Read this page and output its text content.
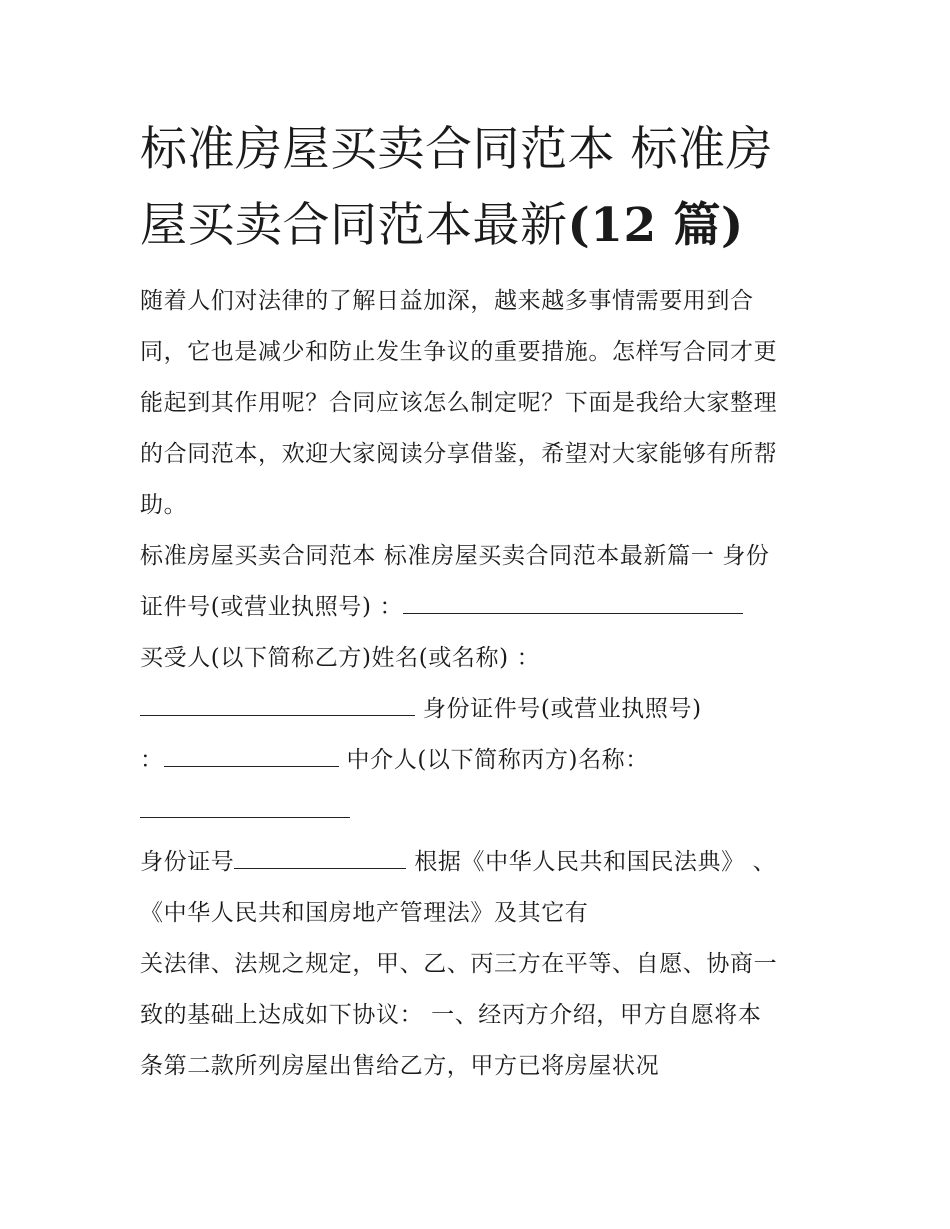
标准房屋买卖合同范本 标准房
屋买卖合同范本最新(12 篇)
随着人们对法律的了解日益加深，越来越多事情需要用到合
同，它也是减少和防止发生争议的重要措施。怎样写合同才更
能起到其作用呢？合同应该怎么制定呢？下面是我给大家整理
的合同范本，欢迎大家阅读分享借鉴，希望对大家能够有所帮
助。
标准房屋买卖合同范本 标准房屋买卖合同范本最新篇一 身份
证件号(或营业执照号) ：
买受人(以下简称乙方)姓名(或名称) ：
身份证件号(或营业执照号)
：	中介人(以下简称丙方)名称：
身份证号	根据《中华人民共和国民法典》 、
《中华人民共和国房地产管理法》及其它有
关法律、法规之规定，甲、乙、丙三方在平等、自愿、协商一
致的基础上达成如下协议： 一、经丙方介绍，甲方自愿将本
条第二款所列房屋出售给乙方，甲方已将房屋状况
